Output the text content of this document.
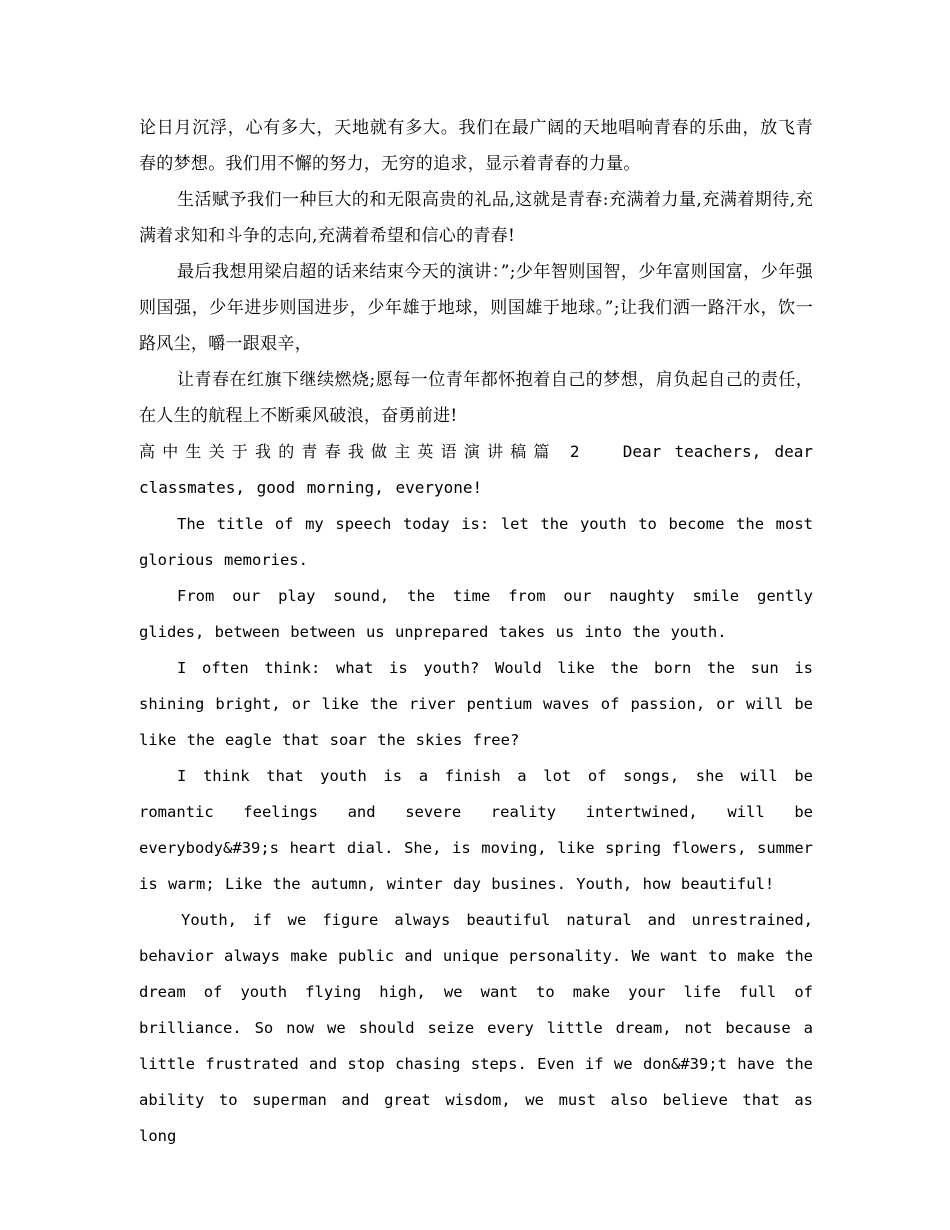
论日月沉浮，心有多大，天地就有多大。我们在最广阔的天地唱响青春的乐曲，放飞青春的梦想。我们用不懈的努力，无穷的追求，显示着青春的力量。

生活赋予我们一种巨大的和无限高贵的礼品,这就是青春:充满着力量,充满着期待,充满着求知和斗争的志向,充满着希望和信心的青春!

最后我想用梁启超的话来结束今天的演讲：”;少年智则国智，少年富则国富，少年强则国强，少年进步则国进步，少年雄于地球，则国雄于地球。”;让我们洒一路汗水，饮一路风尘，嚼一跟艰辛，

让青春在红旗下继续燃烧;愿每一位青年都怀抱着自己的梦想，肩负起自己的责任，在人生的航程上不断乘风破浪，奋勇前进!

高中生关于我的青春我做主英语演讲稿篇 2	Dear teachers, dear classmates, good morning, everyone!

The title of my speech today is: let the youth to become the most glorious memories.

From our play sound, the time from our naughty smile gently glides, between between us unprepared takes us into the youth.

I often think: what is youth? Would like the born the sun is shining bright, or like the river pentium waves of passion, or will be like the eagle that soar the skies free?

I think that youth is a finish a lot of songs, she will be romantic feelings and severe reality intertwined, will be everybody&#39;s heart dial. She, is moving, like spring flowers, summer is warm; Like the autumn, winter day busines. Youth, how beautiful!

Youth, if we figure always beautiful natural and unrestrained, behavior always make public and unique personality. We want to make the dream of youth flying high, we want to make your life full of brilliance. So now we should seize every little dream, not because a little frustrated and stop chasing steps. Even if we don&#39;t have the ability to superman and great wisdom, we must also believe that as long
